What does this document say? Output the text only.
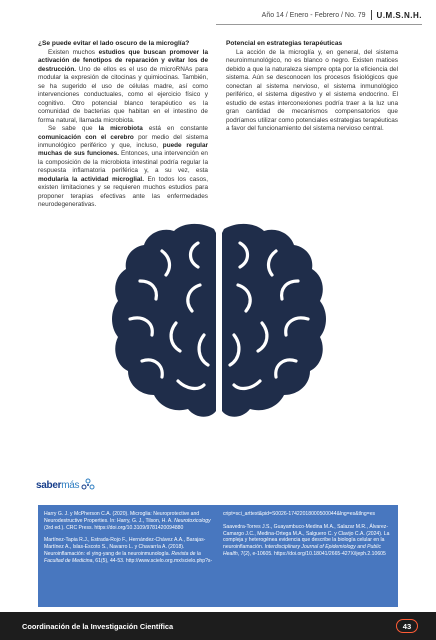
Año 14 / Enero - Febrero / No. 79 U.M.S.N.H.
¿Se puede evitar el lado oscuro de la microglía?

Existen muchos estudios que buscan promover la activación de fenotipos de reparación y evitar los de destrucción. Uno de ellos es el uso de microRNAs para modular la expresión de citocinas y quimiocinas. También, se ha sugerido el uso de células madre, así como intervenciones conductuales, como el ejercicio físico y cognitivo. Otro potencial blanco terapéutico es la comunidad de bacterias que habitan en el intestino de forma natural, llamada microbiota.

Se sabe que la microbiota está en constante comunicación con el cerebro por medio del sistema inmunológico periférico y que, incluso, puede regular muchas de sus funciones. Entonces, una intervención en la composición de la microbiota intestinal podría regular la respuesta inflamatoria periférica y, a su vez, esta modularía la actividad microglial. En todos los casos, existen limitaciones y se requieren muchos estudios para proponer terapias efectivas ante las enfermedades neurodegenerativas.

Potencial en estrategias terapéuticas

La acción de la microglía y, en general, del sistema neuroinmunológico, no es blanco o negro. Existen matices debido a que la naturaleza siempre opta por la eficiencia del sistema. Aún se desconocen los procesos fisiológicos que conectan al sistema nervioso, el sistema inmunológico periférico, el sistema digestivo y el sistema endocrino. El estudio de estas interconexiones podría traer a la luz una gran cantidad de mecanismos compensatorios que podríamos utilizar como potenciales estrategias terapéuticas a favor del funcionamiento del sistema nervioso central.

sabermás

Harry G. J. y McPherson C.A. (2020). Microglia: Neuroprotective and Neurodestructive Properties. In: Harry, G. J., Tilson, H. A. Neurotoxicology (3rd ed.). CRC Press. https://doi.org/10.3109/9781420094880

Martínez-Tapia R.J., Estrada-Rojo F., Hernández-Chávez A.A., Barajas-Martínez A., Islas-Escoto S., Navarro L. y Chavarría A. (2018). Neuroinflamación: el ying-yang de la neuroinmunología. Revista de la Facultad de Medicina, 61(5), 44-53. http://www.scielo.org.mx/scielo.php?s-

cript=sci_arttext&pid=S0026-17422018000500044&lng=es&tlng=es

Saavedra-Torres J.S., Guayambuco-Medina M.A., Salazar M.R., Álvarez-Camargo J.C., Medina-Ortega M.A., Salguero C. y Clavijo C.A. (2024). La compleja y heterogénea evidencia que describe la biología celular en la neuroinflamación. Interdisciplinary Journal of Epidemiology and Public Health, 7(2), e-10605. https://doi.org/10.18041/2665-427X/ijeph.2.10605

Coordinación de la Investigación Científica	43
